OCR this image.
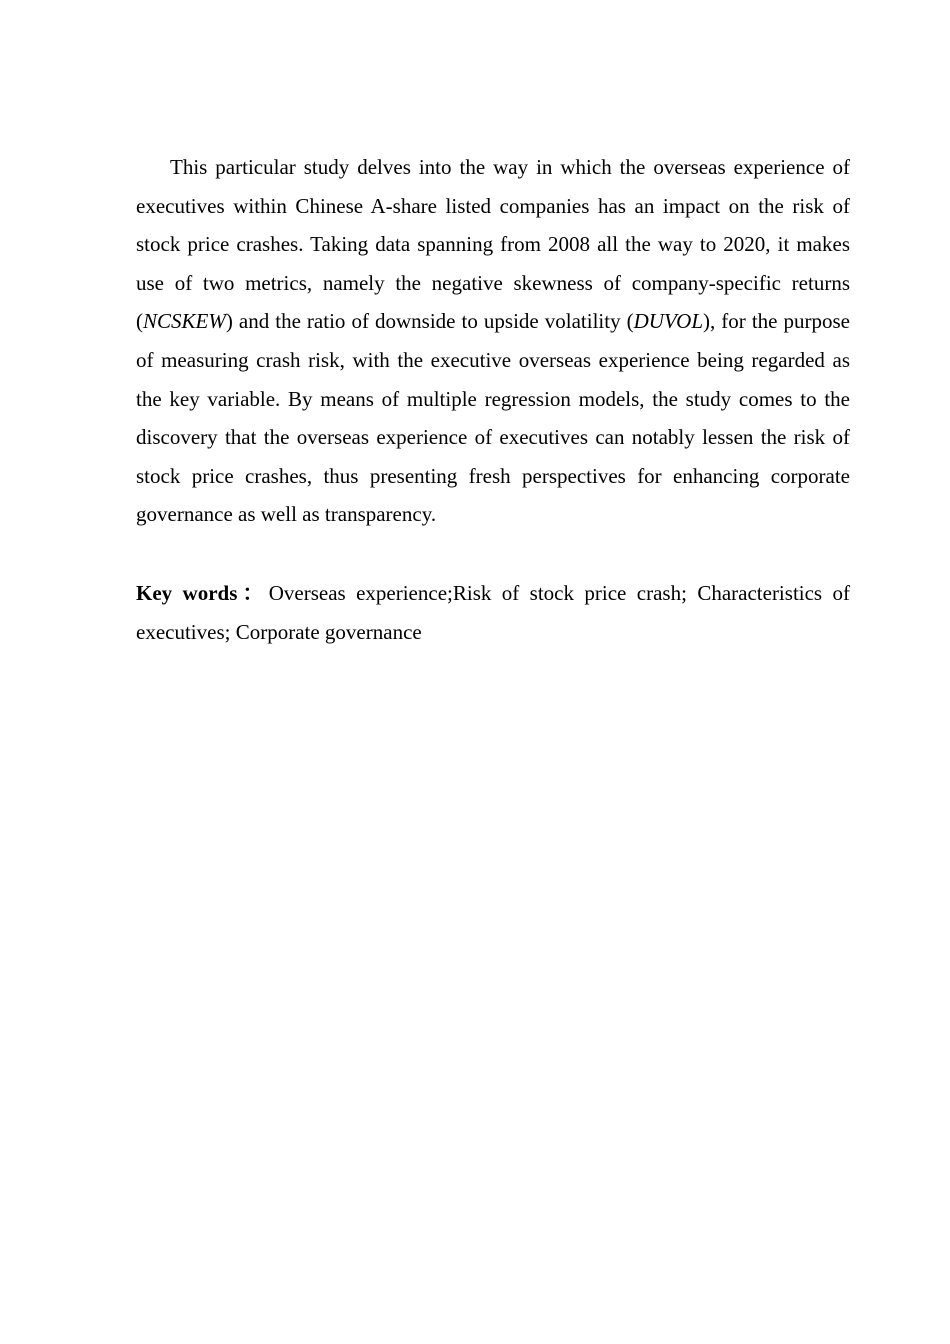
This particular study delves into the way in which the overseas experience of executives within Chinese A-share listed companies has an impact on the risk of stock price crashes. Taking data spanning from 2008 all the way to 2020, it makes use of two metrics, namely the negative skewness of company-specific returns (NCSKEW) and the ratio of downside to upside volatility (DUVOL), for the purpose of measuring crash risk, with the executive overseas experience being regarded as the key variable. By means of multiple regression models, the study comes to the discovery that the overseas experience of executives can notably lessen the risk of stock price crashes, thus presenting fresh perspectives for enhancing corporate governance as well as transparency.

Key words：Overseas experience;Risk of stock price crash; Characteristics of executives; Corporate governance
